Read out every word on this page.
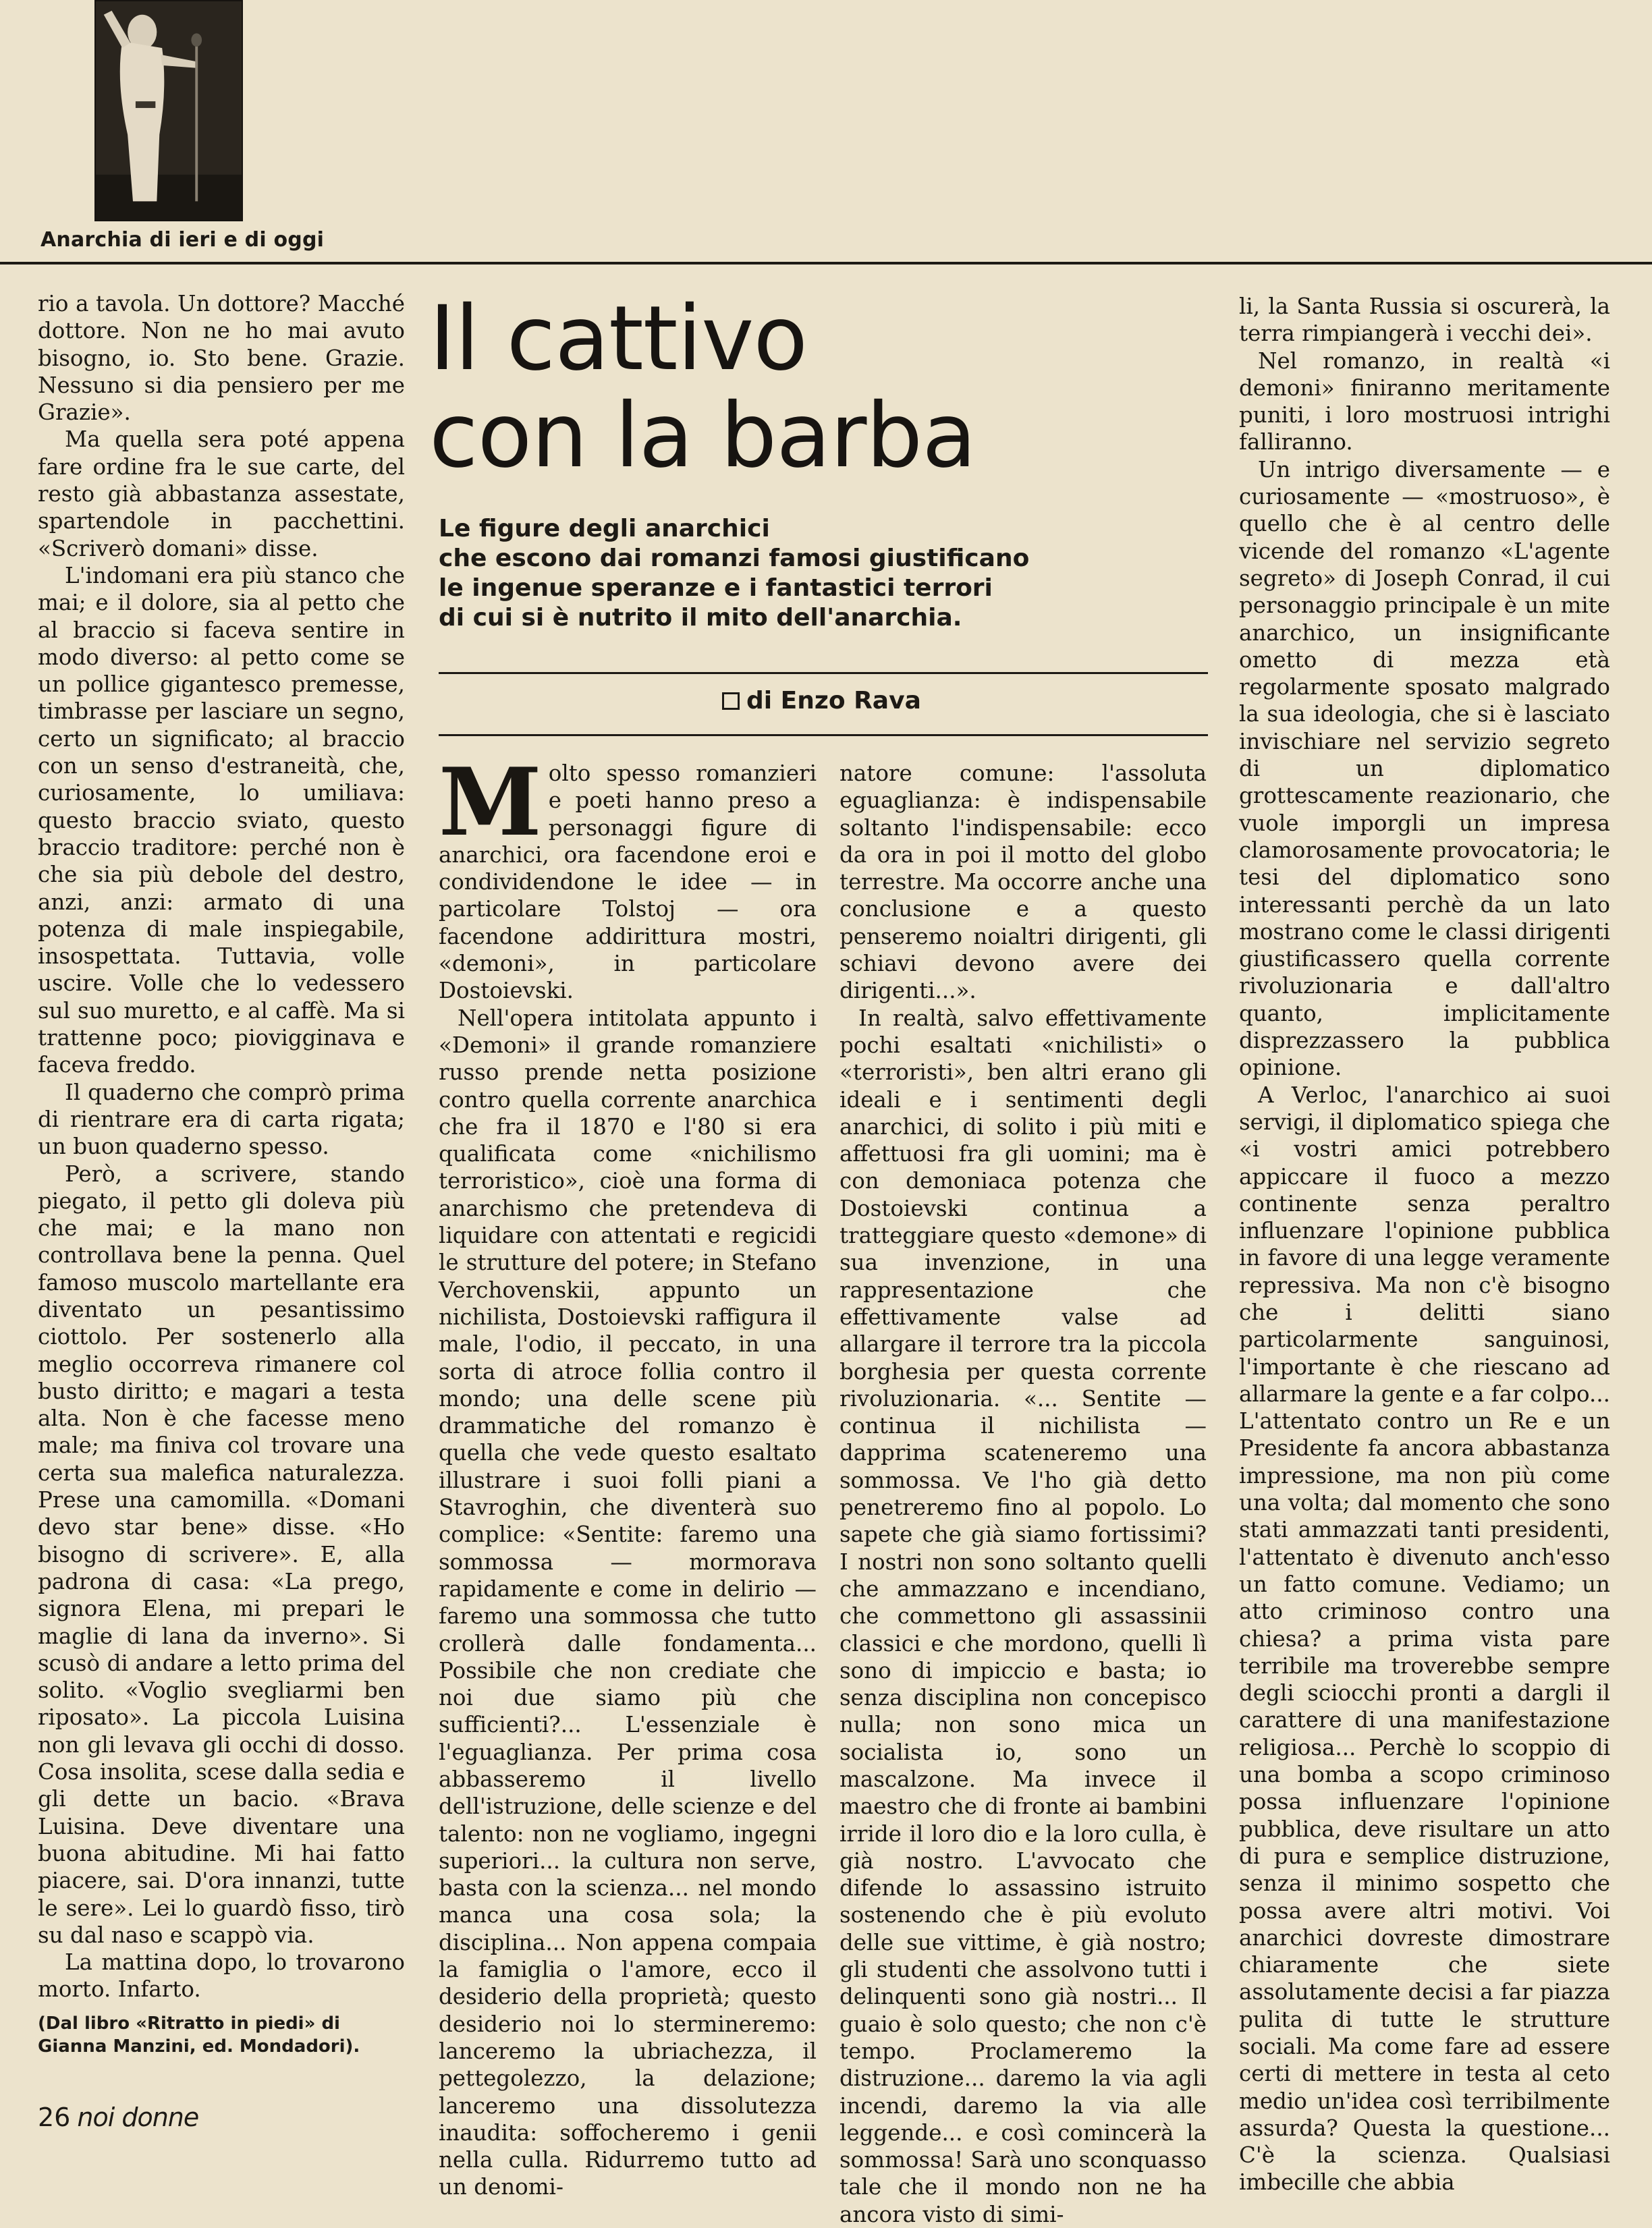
Anarchia di ieri e di oggi

rio a tavola. Un dottore? Macché dottore. Non ne ho mai avuto bisogno, io. Sto bene. Grazie. Nessuno si dia pensiero per me Grazie».

Ma quella sera poté appena fare ordine fra le sue carte, del resto già abbastanza assestate, spartendole in pacchettini. «Scriverò domani» disse.

L'indomani era più stanco che mai; e il dolore, sia al petto che al braccio si faceva sentire in modo diverso: al petto come se un pollice gigantesco premesse, timbrasse per lasciare un segno, certo un significato; al braccio con un senso d'estraneità, che, curiosamente, lo umiliava: questo braccio sviato, questo braccio traditore: perché non è che sia più debole del destro, anzi, anzi: armato di una potenza di male inspiegabile, insospettata. Tuttavia, volle uscire. Volle che lo vedessero sul suo muretto, e al caffè. Ma si trattenne poco; piovigginava e faceva freddo.

Il quaderno che comprò prima di rientrare era di carta rigata; un buon quaderno spesso.

Però, a scrivere, stando piegato, il petto gli doleva più che mai; e la mano non controllava bene la penna. Quel famoso muscolo martellante era diventato un pesantissimo ciottolo. Per sostenerlo alla meglio occorreva rimanere col busto diritto; e magari a testa alta. Non è che facesse meno male; ma finiva col trovare una certa sua malefica naturalezza. Prese una camomilla. «Domani devo star bene» disse. «Ho bisogno di scrivere». E, alla padrona di casa: «La prego, signora Elena, mi prepari le maglie di lana da inverno». Si scusò di andare a letto prima del solito. «Voglio svegliarmi ben riposato». La piccola Luisina non gli levava gli occhi di dosso. Cosa insolita, scese dalla sedia e gli dette un bacio. «Brava Luisina. Deve diventare una buona abitudine. Mi hai fatto piacere, sai. D'ora innanzi, tutte le sere». Lei lo guardò fisso, tirò su dal naso e scappò via.

La mattina dopo, lo trovarono morto. Infarto.

(Dal libro «Ritratto in piedi» di Gianna Manzini, ed. Mondadori).
26 noi donne
Il cattivo
con la barba
Le figure degli anarchici
che escono dai romanzi famosi giustificano
le ingenue speranze e i fantastici terrori
di cui si è nutrito il mito dell'anarchia.
di Enzo Rava

Molto spesso romanzieri e poeti hanno preso a personaggi figure di anarchici, ora facendone eroi e condividendone le idee — in particolare Tolstoj — ora facendone addirittura mostri, «demoni», in particolare Dostoievski.

Nell'opera intitolata appunto i «Demoni» il grande romanziere russo prende netta posizione contro quella corrente anarchica che fra il 1870 e l'80 si era qualificata come «nichilismo terroristico», cioè una forma di anarchismo che pretendeva di liquidare con attentati e regicidi le strutture del potere; in Stefano Verchovenskii, appunto un nichilista, Dostoievski raffigura il male, l'odio, il peccato, in una sorta di atroce follia contro il mondo; una delle scene più drammatiche del romanzo è quella che vede questo esaltato illustrare i suoi folli piani a Stavroghin, che diventerà suo complice: «Sentite: faremo una sommossa — mormorava rapidamente e come in delirio — faremo una sommossa che tutto crollerà dalle fondamenta... Possibile che non crediate che noi due siamo più che sufficienti?... L'essenziale è l'eguaglianza. Per prima cosa abbasseremo il livello dell'istruzione, delle scienze e del talento: non ne vogliamo, ingegni superiori... la cultura non serve, basta con la scienza... nel mondo manca una cosa sola; la disciplina... Non appena compaia la famiglia o l'amore, ecco il desiderio della proprietà; questo desiderio noi lo stermineremo: lanceremo la ubriachezza, il pettegolezzo, la delazione; lanceremo una dissolutezza inaudita: soffocheremo i genii nella culla. Ridurremo tutto ad un denomi-

natore comune: l'assoluta eguaglianza: è indispensabile soltanto l'indispensabile: ecco da ora in poi il motto del globo terrestre. Ma occorre anche una conclusione e a questo penseremo noialtri dirigenti, gli schiavi devono avere dei dirigenti...».

In realtà, salvo effettivamente pochi esaltati «nichilisti» o «terroristi», ben altri erano gli ideali e i sentimenti degli anarchici, di solito i più miti e affettuosi fra gli uomini; ma è con demoniaca potenza che Dostoievski continua a tratteggiare questo «demone» di sua invenzione, in una rappresentazione che effettivamente valse ad allargare il terrore tra la piccola borghesia per questa corrente rivoluzionaria. «... Sentite — continua il nichilista — dapprima scateneremo una sommossa. Ve l'ho già detto penetreremo fino al popolo. Lo sapete che già siamo fortissimi? I nostri non sono soltanto quelli che ammazzano e incendiano, che commettono gli assassinii classici e che mordono, quelli lì sono di impiccio e basta; io senza disciplina non concepisco nulla; non sono mica un socialista io, sono un mascalzone. Ma invece il maestro che di fronte ai bambini irride il loro dio e la loro culla, è già nostro. L'avvocato che difende lo assassino istruito sostenendo che è più evoluto delle sue vittime, è già nostro; gli studenti che assolvono tutti i delinquenti sono già nostri... Il guaio è solo questo; che non c'è tempo. Proclameremo la distruzione... daremo la via agli incendi, daremo la via alle leggende... e così comincerà la sommossa! Sarà uno sconquasso tale che il mondo non ne ha ancora visto di simi-

li, la Santa Russia si oscurerà, la terra rimpiangerà i vecchi dei».

Nel romanzo, in realtà «i demoni» finiranno meritamente puniti, i loro mostruosi intrighi falliranno.

Un intrigo diversamente — e curiosamente — «mostruoso», è quello che è al centro delle vicende del romanzo «L'agente segreto» di Joseph Conrad, il cui personaggio principale è un mite anarchico, un insignificante ometto di mezza età regolarmente sposato malgrado la sua ideologia, che si è lasciato invischiare nel servizio segreto di un diplomatico grottescamente reazionario, che vuole imporgli un impresa clamorosamente provocatoria; le tesi del diplomatico sono interessanti perchè da un lato mostrano come le classi dirigenti giustificassero quella corrente rivoluzionaria e dall'altro quanto, implicitamente disprezzassero la pubblica opinione.

A Verloc, l'anarchico ai suoi servigi, il diplomatico spiega che «i vostri amici potrebbero appiccare il fuoco a mezzo continente senza peraltro influenzare l'opinione pubblica in favore di una legge veramente repressiva. Ma non c'è bisogno che i delitti siano particolarmente sanguinosi, l'importante è che riescano ad allarmare la gente e a far colpo... L'attentato contro un Re e un Presidente fa ancora abbastanza impressione, ma non più come una volta; dal momento che sono stati ammazzati tanti presidenti, l'attentato è divenuto anch'esso un fatto comune. Vediamo; un atto criminoso contro una chiesa? a prima vista pare terribile ma troverebbe sempre degli sciocchi pronti a dargli il carattere di una manifestazione religiosa... Perchè lo scoppio di una bomba a scopo criminoso possa influenzare l'opinione pubblica, deve risultare un atto di pura e semplice distruzione, senza il minimo sospetto che possa avere altri motivi. Voi anarchici dovreste dimostrare chiaramente che siete assolutamente decisi a far piazza pulita di tutte le strutture sociali. Ma come fare ad essere certi di mettere in testa al ceto medio un'idea così terribilmente assurda? Questa la questione... C'è la scienza. Qualsiasi imbecille che abbia
